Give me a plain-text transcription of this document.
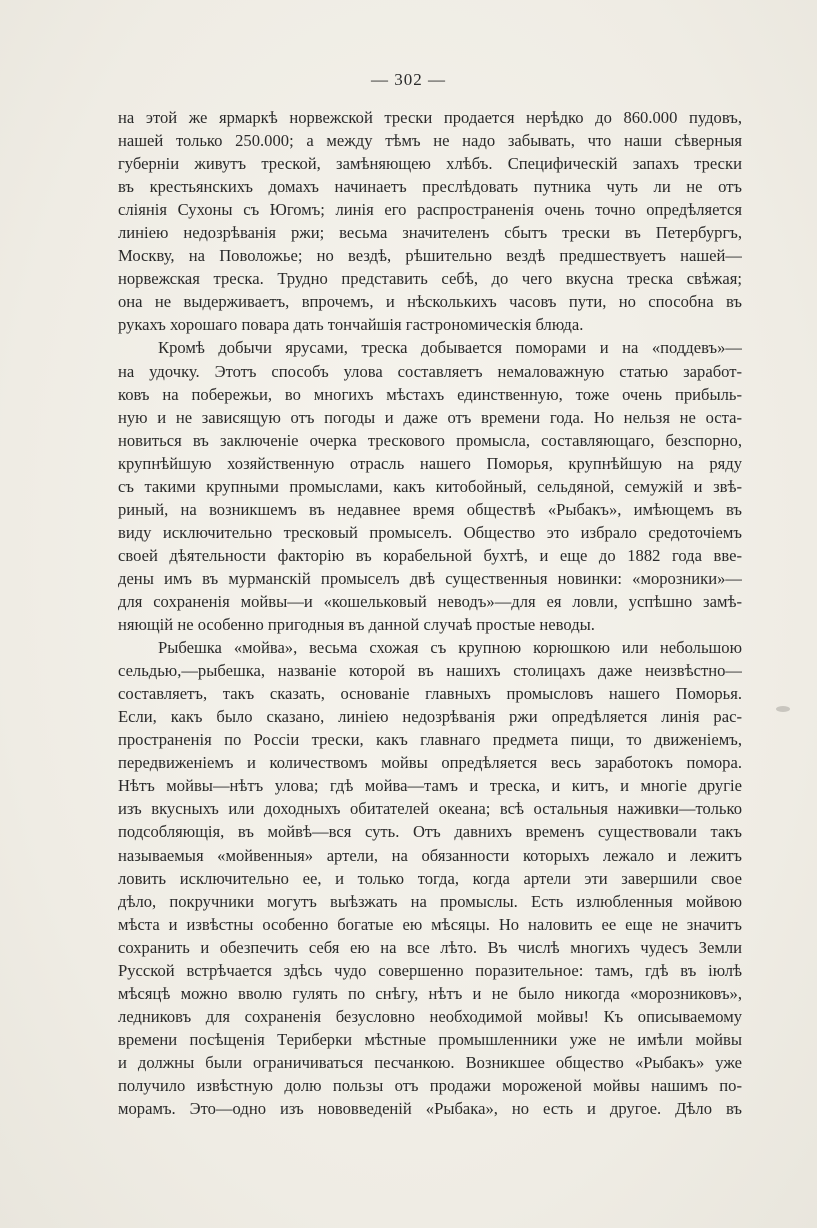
— 302 —
на этой же ярмаркѣ норвежской трески продается нерѣдко до 860.000 пудовъ,
нашей только 250.000; а между тѣмъ не надо забывать, что наши сѣверныя
губерніи живутъ треской, замѣняющею хлѣбъ. Специфическій запахъ трески
въ крестьянскихъ домахъ начинаетъ преслѣдовать путника чуть ли не отъ
слiянія Сухоны съ Югомъ; линія его распространенія очень точно опредѣляется
линіею недозрѣванія ржи; весьма значителенъ сбытъ трески въ Петербургъ,
Москву, на Поволожье; но вездѣ, рѣшительно вездѣ предшествуетъ нашей—
норвежская треска. Трудно представить себѣ, до чего вкусна треска свѣжая;
она не выдерживаетъ, впрочемъ, и нѣсколькихъ часовъ пути, но способна въ
рукахъ хорошаго повара дать тончайшія гастрономическія блюда.
Кромѣ добычи ярусами, треска добывается поморами и на «поддевъ»—
на удочку. Этотъ способъ улова составляетъ немаловажную статью заработ-
ковъ на побережьи, во многихъ мѣстахъ единственную, тоже очень прибыль-
ную и не зависящую отъ погоды и даже отъ времени года. Но нельзя не оста-
новиться въ заключеніе очерка трескового промысла, составляющаго, безспорно,
крупнѣйшую хозяйственную отрасль нашего Поморья, крупнѣйшую на ряду
съ такими крупными промыслами, какъ китобойный, сельдяной, семужій и звѣ-
риный, на возникшемъ въ недавнее время обществѣ «Рыбакъ», имѣющемъ въ
виду исключительно тресковый промыселъ. Общество это избрало средоточіемъ
своей дѣятельности факторію въ корабельной бухтѣ, и еще до 1882 года вве-
дены имъ въ мурманскій промыселъ двѣ существенныя новинки: «морозники»—
для сохраненія мойвы—и «кошельковый неводъ»—для ея ловли, успѣшно замѣ-
няющій не особенно пригодныя въ данной случаѣ простые неводы.
Рыбешка «мойва», весьма схожая съ крупною корюшкою или небольшою
сельдью,—рыбешка, названіе которой въ нашихъ столицахъ даже неизвѣстно—
составляетъ, такъ сказать, основаніе главныхъ промысловъ нашего Поморья.
Если, какъ было сказано, линіею недозрѣванія ржи опредѣляется линія рас-
пространенія по Россіи трески, какъ главнаго предмета пищи, то движеніемъ,
передвиженіемъ и количествомъ мойвы опредѣляется весь заработокъ помора.
Нѣтъ мойвы—нѣтъ улова; гдѣ мойва—тамъ и треска, и китъ, и многіе другіе
изъ вкусныхъ или доходныхъ обитателей океана; всѣ остальныя наживки—только
подсобляющія, въ мойвѣ—вся суть. Отъ давнихъ временъ существовали такъ
называемыя «мойвенныя» артели, на обязанности которыхъ лежало и лежитъ
ловить исключительно ее, и только тогда, когда артели эти завершили свое
дѣло, покручники могутъ выѣзжать на промыслы. Есть излюбленныя мойвою
мѣста и извѣстны особенно богатые ею мѣсяцы. Но наловить ее еще не значитъ
сохранить и обезпечить себя ею на все лѣто. Въ числѣ многихъ чудесъ Земли
Русской встрѣчается здѣсь чудо совершенно поразительное: тамъ, гдѣ въ іюлѣ
мѣсяцѣ можно вволю гулять по снѣгу, нѣтъ и не было никогда «морозниковъ»,
ледниковъ для сохраненія безусловно необходимой мойвы! Къ описываемому
времени посѣщенія Териберки мѣстные промышленники уже не имѣли мойвы
и должны были ограничиваться песчанкою. Возникшее общество «Рыбакъ» уже
получило извѣстную долю пользы отъ продажи мороженой мойвы нашимъ по-
морамъ. Это—одно изъ нововведеній «Рыбака», но есть и другое. Дѣло въ
